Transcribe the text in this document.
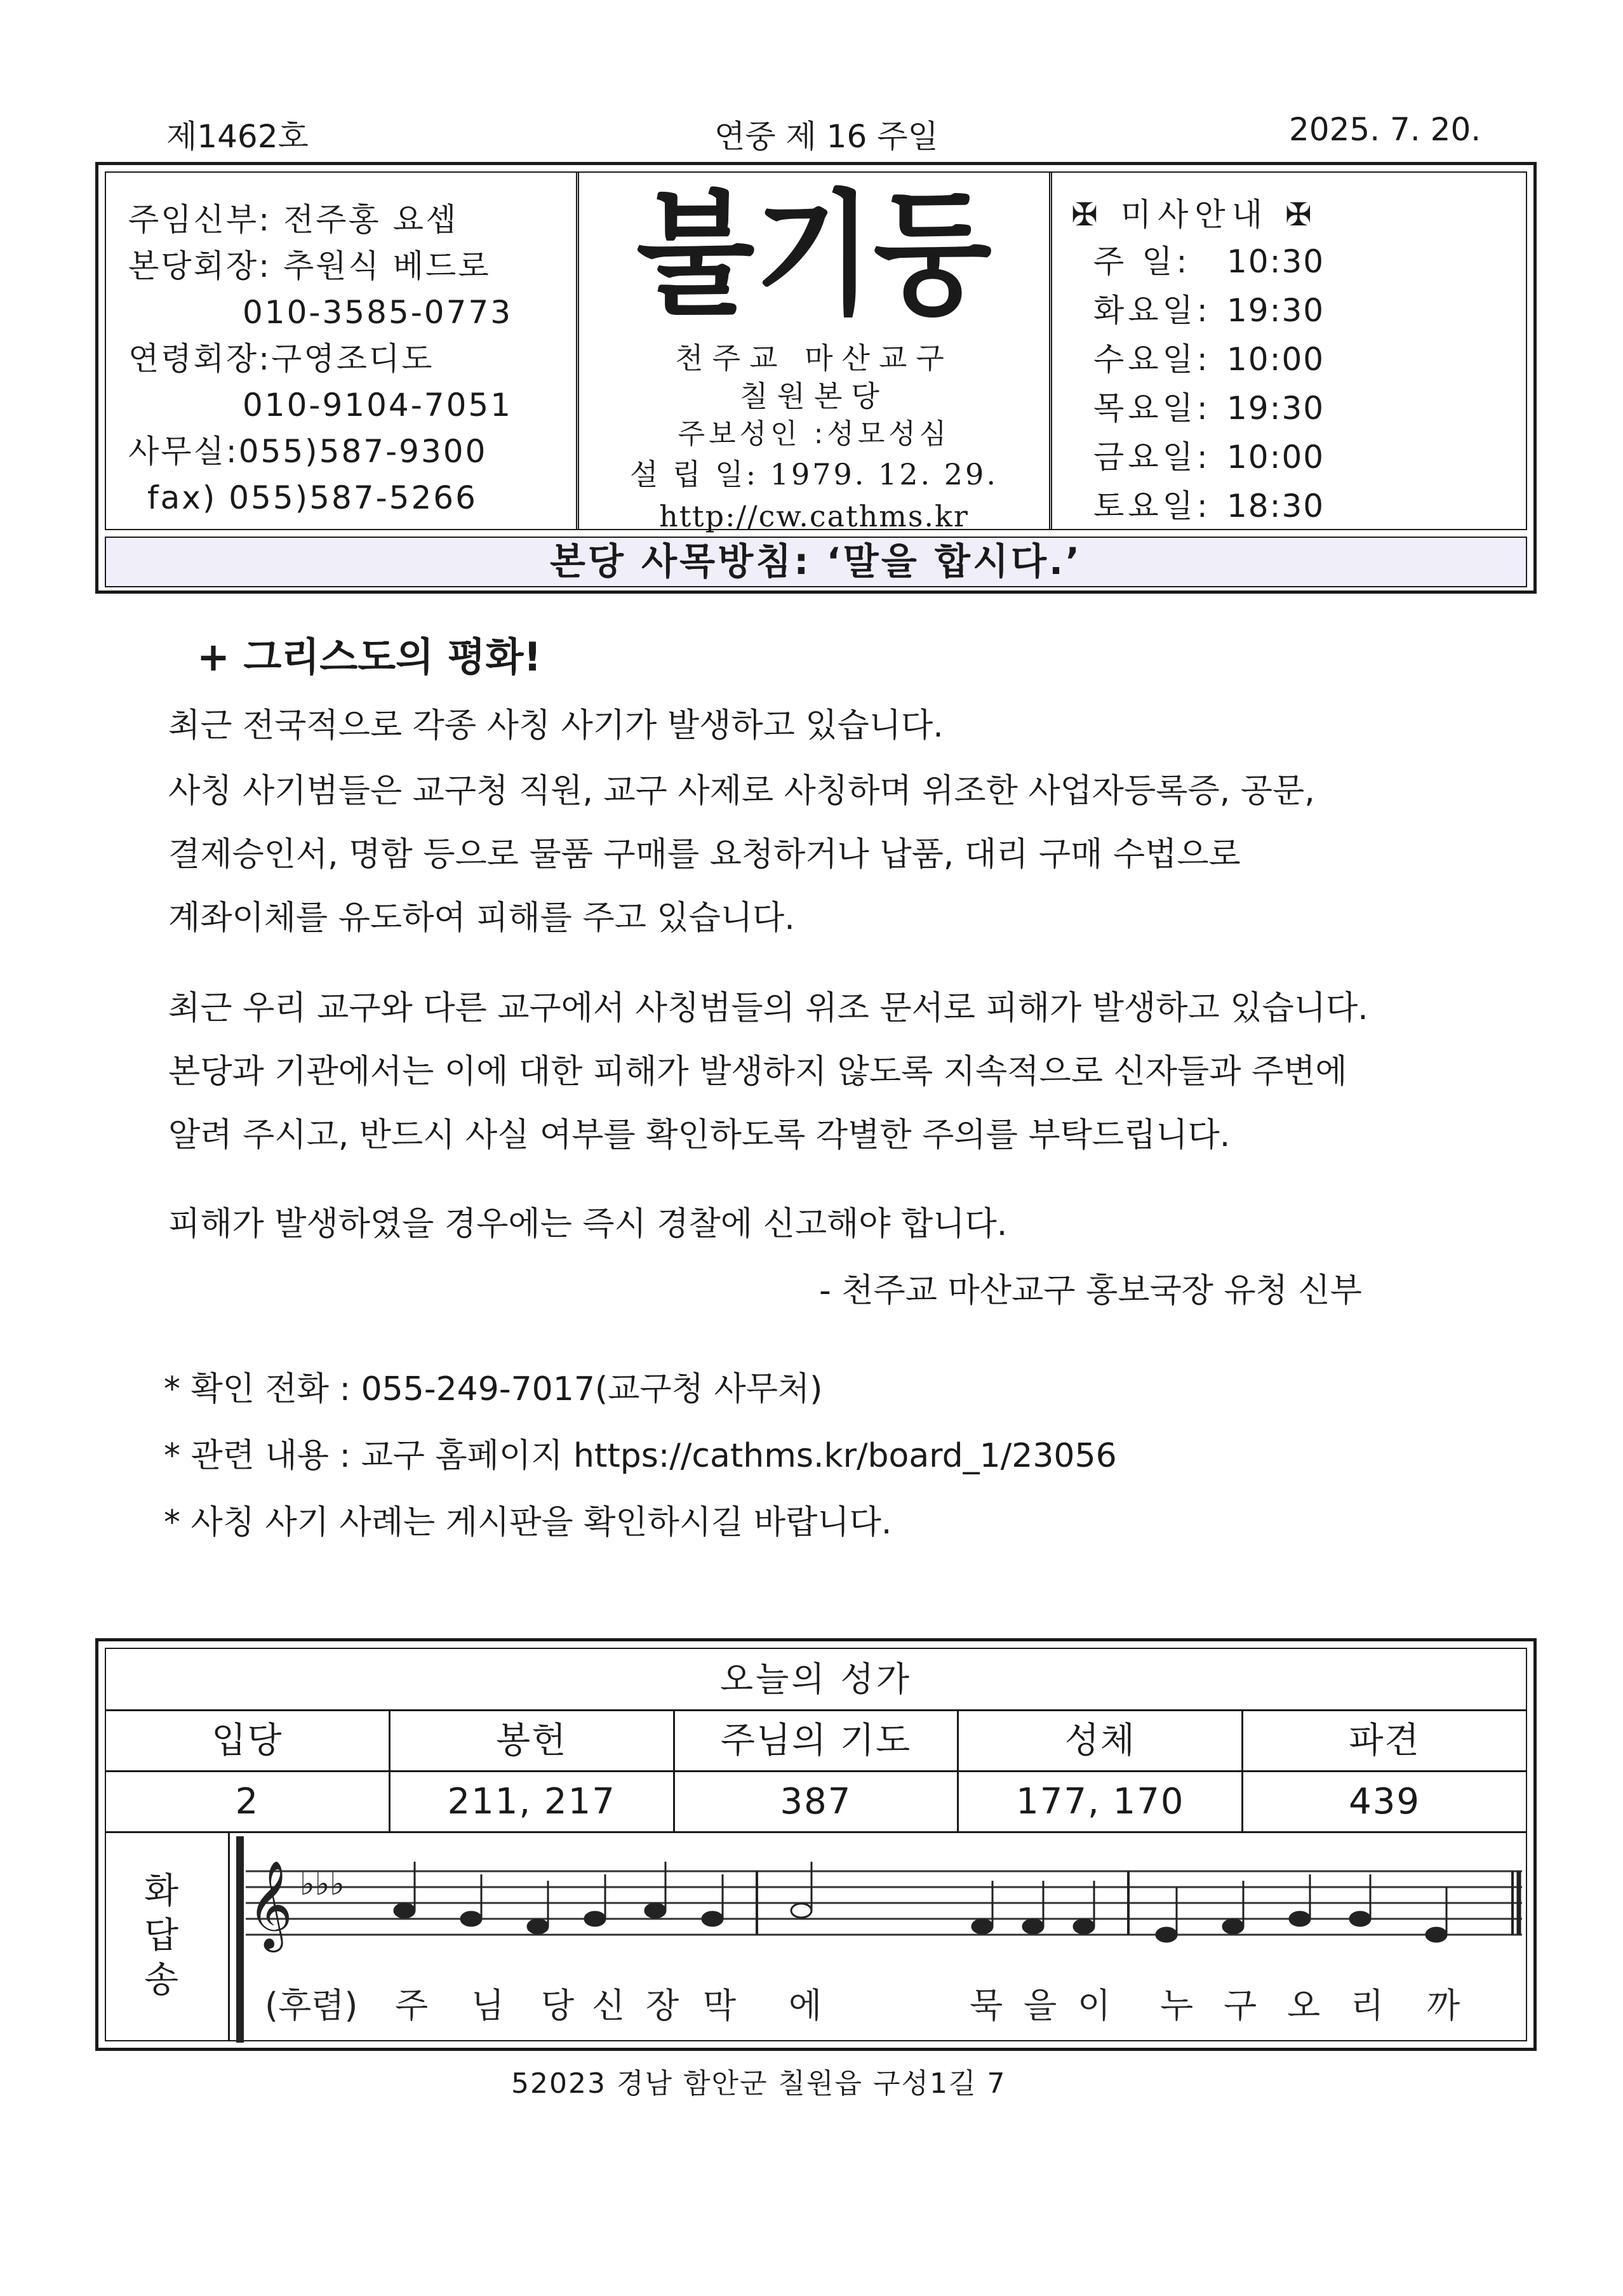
제1462호	연중 제 16 주일	2025. 7. 20.
주임신부: 전주홍 요셉
본당회장: 추원식 베드로
010-3585-0773
연령회장:구영조디도
010-9104-7051
사무실:055)587-9300
fax) 055)587-5266
불기둥
천주교 마산교구
칠원본당
주보성인 :성모성심
설 립 일: 1979. 12. 29.
http://cw.cathms.kr
✠ 미사안내 ✠
주 일:	10:30
화요일: 19:30
수요일: 10:00
목요일: 19:30
금요일: 10:00
토요일: 18:30
본당 사목방침: ‘말을 합시다.’
+ 그리스도의 평화!
최근 전국적으로 각종 사칭 사기가 발생하고 있습니다.
사칭 사기범들은 교구청 직원, 교구 사제로 사칭하며 위조한 사업자등록증, 공문,
결제승인서, 명함 등으로 물품 구매를 요청하거나 납품, 대리 구매 수법으로
계좌이체를 유도하여 피해를 주고 있습니다.
최근 우리 교구와 다른 교구에서 사칭범들의 위조 문서로 피해가 발생하고 있습니다.
본당과 기관에서는 이에 대한 피해가 발생하지 않도록 지속적으로 신자들과 주변에
알려 주시고, 반드시 사실 여부를 확인하도록 각별한 주의를 부탁드립니다.
피해가 발생하였을 경우에는 즉시 경찰에 신고해야 합니다.
- 천주교 마산교구 홍보국장 유청 신부
* 확인 전화 : 055-249-7017(교구청 사무처)
* 관련 내용 : 교구 홈페이지 https://cathms.kr/board_1/23056
* 사칭 사기 사례는 게시판을 확인하시길 바랍니다.
오늘의 성가
입당	봉헌	주님의 기도	성체	파견
2	211, 217	387	177, 170	439
화
답
송
𝄞 ♭♭♭
(후렴) 주 님 당 신 장 막 에	묵 을 이 누 구 오 리 까
52023 경남 함안군 칠원읍 구성1길 7
